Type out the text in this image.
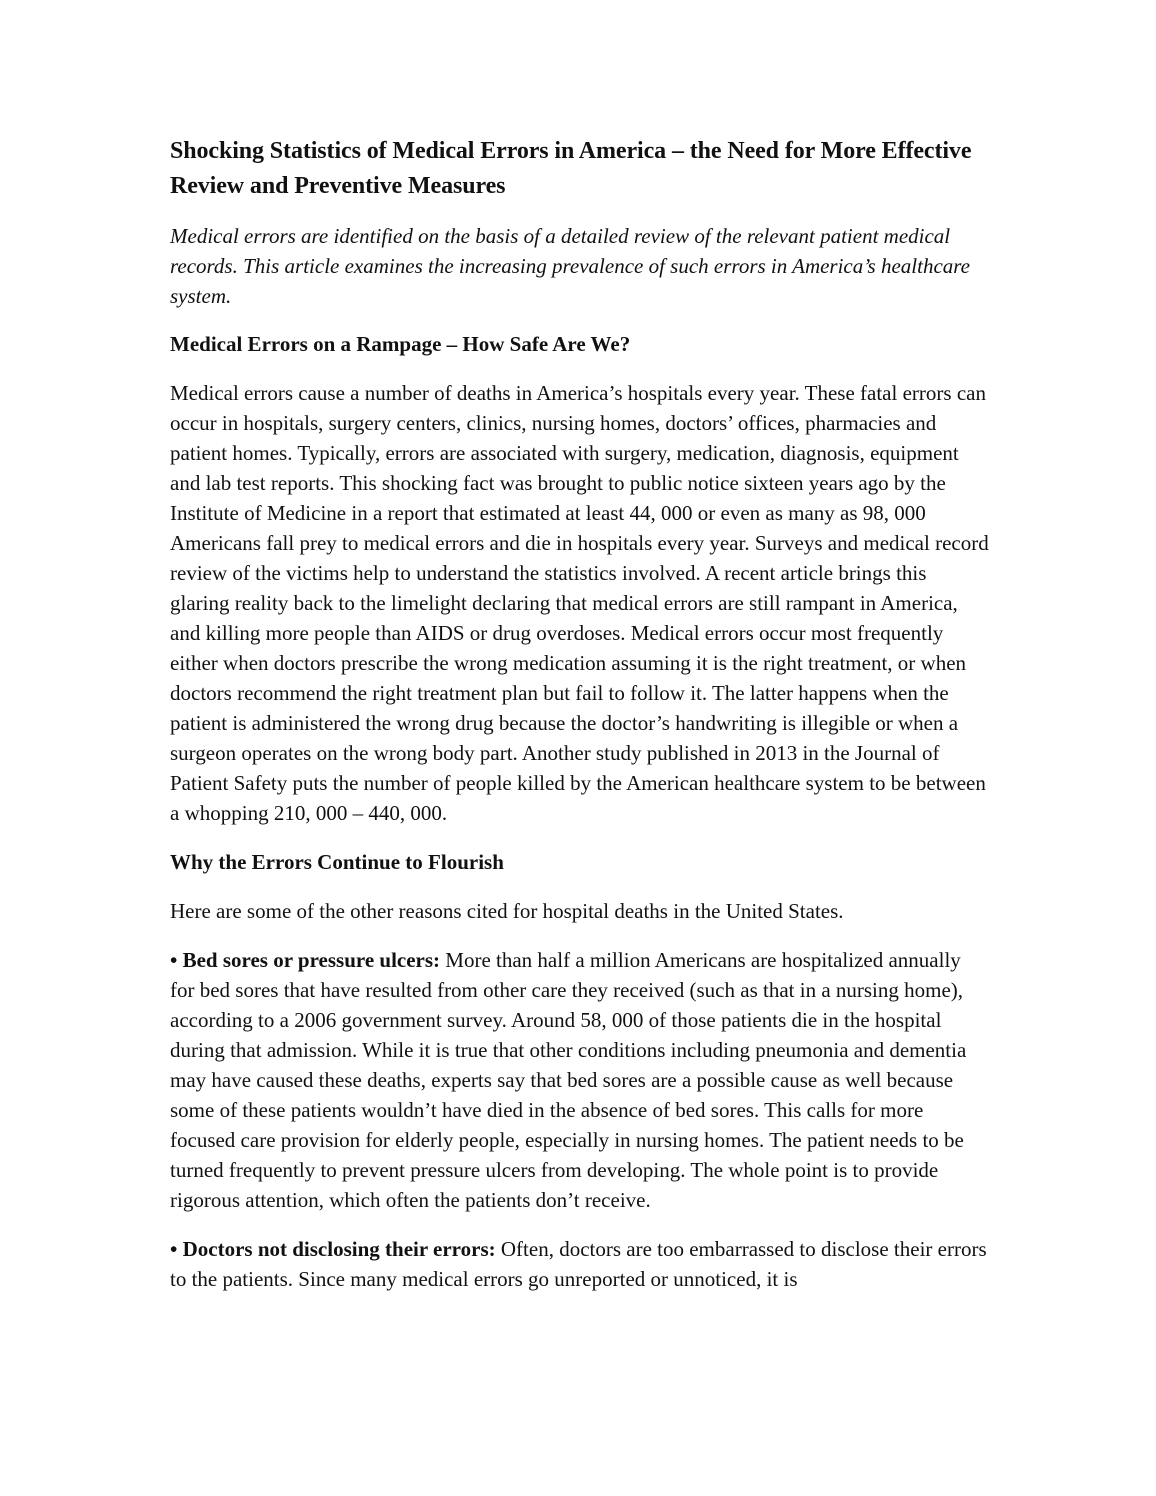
Shocking Statistics of Medical Errors in America – the Need for More Effective Review and Preventive Measures

Medical errors are identified on the basis of a detailed review of the relevant patient medical records. This article examines the increasing prevalence of such errors in America’s healthcare system.

Medical Errors on a Rampage – How Safe Are We?

Medical errors cause a number of deaths in America’s hospitals every year. These fatal errors can occur in hospitals, surgery centers, clinics, nursing homes, doctors’ offices, pharmacies and patient homes. Typically, errors are associated with surgery, medication, diagnosis, equipment and lab test reports. This shocking fact was brought to public notice sixteen years ago by the Institute of Medicine in a report that estimated at least 44, 000 or even as many as 98, 000 Americans fall prey to medical errors and die in hospitals every year. Surveys and medical record review of the victims help to understand the statistics involved. A recent article brings this glaring reality back to the limelight declaring that medical errors are still rampant in America, and killing more people than AIDS or drug overdoses. Medical errors occur most frequently either when doctors prescribe the wrong medication assuming it is the right treatment, or when doctors recommend the right treatment plan but fail to follow it. The latter happens when the patient is administered the wrong drug because the doctor’s handwriting is illegible or when a surgeon operates on the wrong body part. Another study published in 2013 in the Journal of Patient Safety puts the number of people killed by the American healthcare system to be between a whopping 210, 000 – 440, 000.

Why the Errors Continue to Flourish

Here are some of the other reasons cited for hospital deaths in the United States.

• Bed sores or pressure ulcers: More than half a million Americans are hospitalized annually for bed sores that have resulted from other care they received (such as that in a nursing home), according to a 2006 government survey. Around 58, 000 of those patients die in the hospital during that admission. While it is true that other conditions including pneumonia and dementia may have caused these deaths, experts say that bed sores are a possible cause as well because some of these patients wouldn’t have died in the absence of bed sores. This calls for more focused care provision for elderly people, especially in nursing homes. The patient needs to be turned frequently to prevent pressure ulcers from developing. The whole point is to provide rigorous attention, which often the patients don’t receive.

• Doctors not disclosing their errors: Often, doctors are too embarrassed to disclose their errors to the patients. Since many medical errors go unreported or unnoticed, it is
